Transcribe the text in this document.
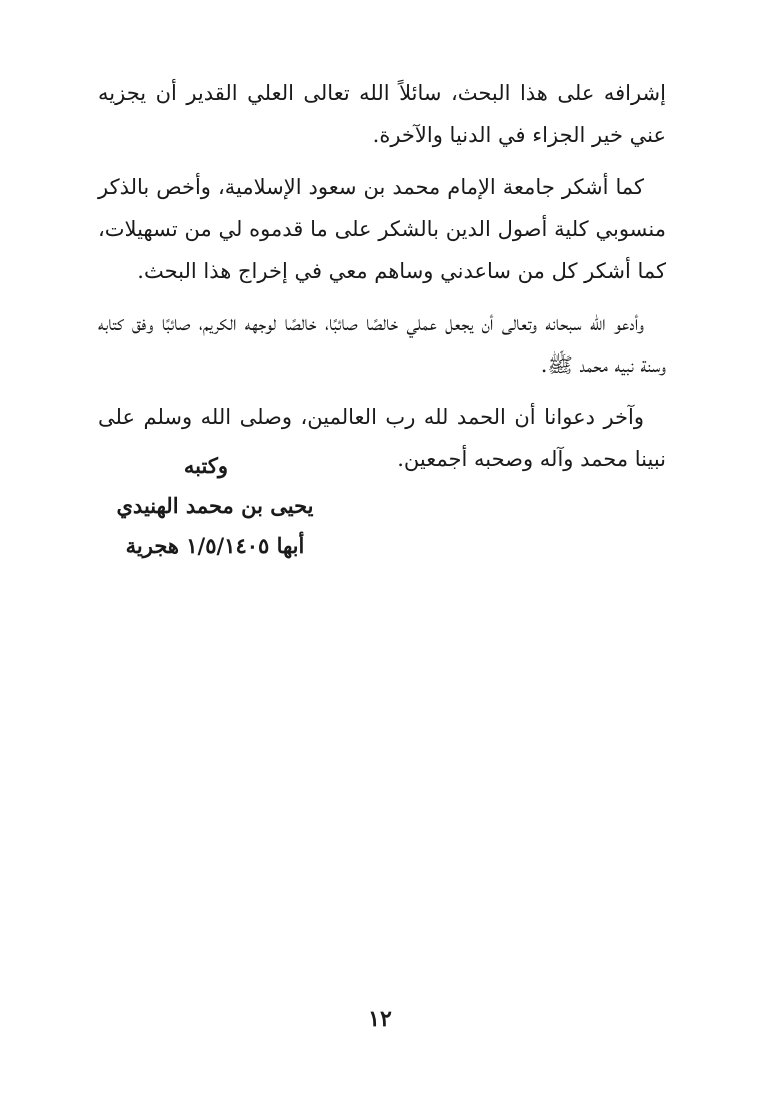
إشرافه على هذا البحث، سائلاً الله تعالى العلي القدير أن يجزيه عني خير الجزاء في الدنيا والآخرة.

كما أشكر جامعة الإمام محمد بن سعود الإسلامية، وأخص بالذكر منسوبي كلية أصول الدين بالشكر على ما قدموه لي من تسهيلات، كما أشكر كل من ساعدني وساهم معي في إخراج هذا البحث.

وأدعو الله سبحانه وتعالى أن يجعل عملي خالصًا صائبًا، خالصًا لوجهه الكريم، صائبًا وفق كتابه وسنة نبيه محمد ﷺ.

وآخر دعوانا أن الحمد لله رب العالمين، وصلى الله وسلم على نبينا محمد وآله وصحبه أجمعين.

وكتبه
يحيى بن محمد الهنيدي
أبها ١/٥/١٤٠٥ هجرية
١٢
